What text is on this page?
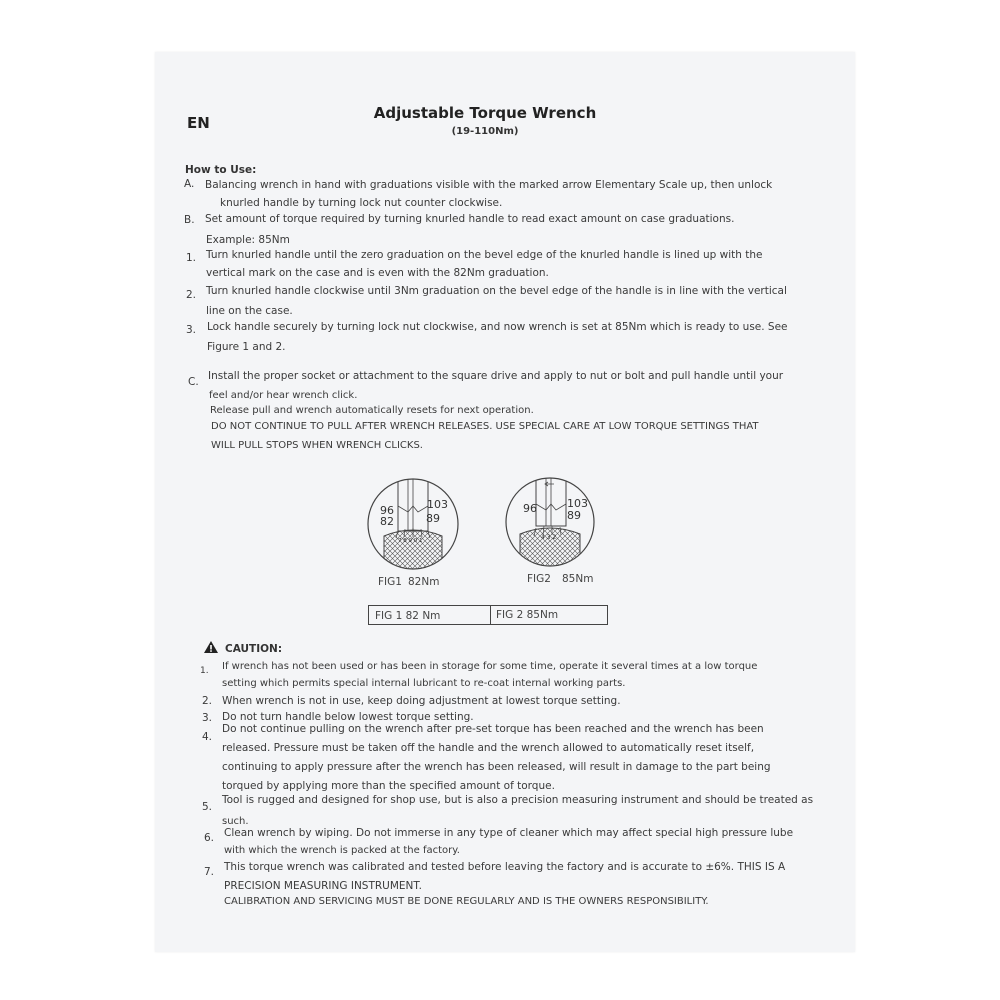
EN
Adjustable Torque Wrench
(19-110Nm)
How to Use:
A. Balancing wrench in hand with graduations visible with the marked arrow Elementary Scale up, then unlock
knurled handle by turning lock nut counter clockwise.
B. Set amount of torque required by turning knurled handle to read exact amount on case graduations.
Example: 85Nm
1. Turn knurled handle until the zero graduation on the bevel edge of the knurled handle is lined up with the
vertical mark on the case and is even with the 82Nm graduation.
2. Turn knurled handle clockwise until 3Nm graduation on the bevel edge of the handle is in line with the vertical
line on the case.
3. Lock handle securely by turning lock nut clockwise, and now wrench is set at 85Nm which is ready to use. See
Figure 1 and 2.
C. Install the proper socket or attachment to the square drive and apply to nut or bolt and pull handle until your
feel and/or hear wrench click.
Release pull and wrench automatically resets for next operation.
DO NOT CONTINUE TO PULL AFTER WRENCH RELEASES. USE SPECIAL CARE AT LOW TORQUE SETTINGS THAT
WILL PULL STOPS WHEN WRENCH CLICKS.
96
82
103
89
7 8 9 0 1
FIG1 82Nm
96	103
89
4 3 2
FIG2 85Nm
FIG 1 82 Nm	FIG 2 85Nm
CAUTION:
1. If wrench has not been used or has been in storage for some time, operate it several times at a low torque
setting which permits special internal lubricant to re-coat internal working parts.
2. When wrench is not in use, keep doing adjustment at lowest torque setting.
3. Do not turn handle below lowest torque setting.
4.
Do not continue pulling on the wrench after pre-set torque has been reached and the wrench has been
released. Pressure must be taken off the handle and the wrench allowed to automatically reset itself,
continuing to apply pressure after the wrench has been released, will result in damage to the part being
torqued by applying more than the specified amount of torque.
5.
Tool is rugged and designed for shop use, but is also a precision measuring instrument and should be treated as
such.
6. Clean wrench by wiping. Do not immerse in any type of cleaner which may affect special high pressure lube
with which the wrench is packed at the factory.
7. This torque wrench was calibrated and tested before leaving the factory and is accurate to ±6%. THIS IS A
PRECISION MEASURING INSTRUMENT.
CALIBRATION AND SERVICING MUST BE DONE REGULARLY AND IS THE OWNERS RESPONSIBILITY.
